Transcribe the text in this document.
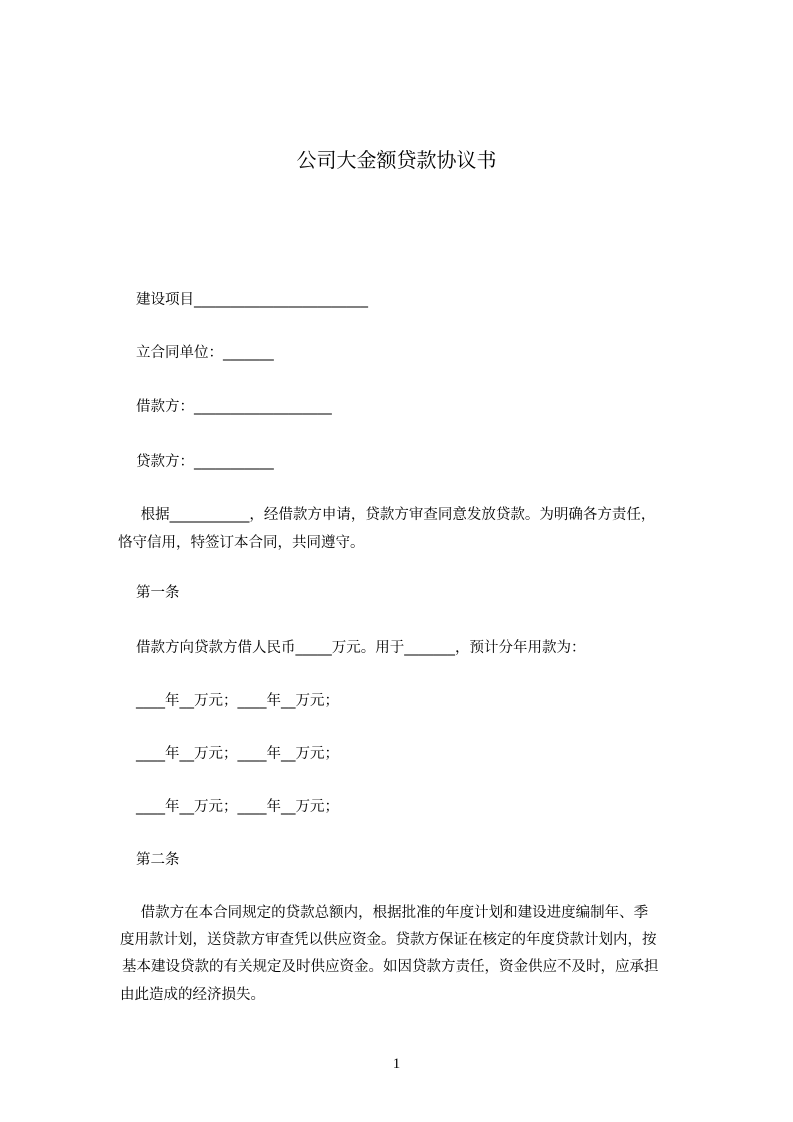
公司大金额贷款协议书
建设项目________________________
立合同单位：_______
借款方：___________________
贷款方：___________
根据___________，经借款方申请，贷款方审查同意发放贷款。为明确各方责任，
恪守信用，特签订本合同，共同遵守。
第一条
借款方向贷款方借人民币_____万元。用于_______，预计分年用款为：
____年__万元；____年__万元；
____年__万元；____年__万元；
____年__万元；____年__万元；
第二条
借款方在本合同规定的贷款总额内，根据批准的年度计划和建设进度编制年、季
度用款计划，送贷款方审查凭以供应资金。贷款方保证在核定的年度贷款计划内，按
基本建设贷款的有关规定及时供应资金。如因贷款方责任，资金供应不及时，应承担
由此造成的经济损失。
1
